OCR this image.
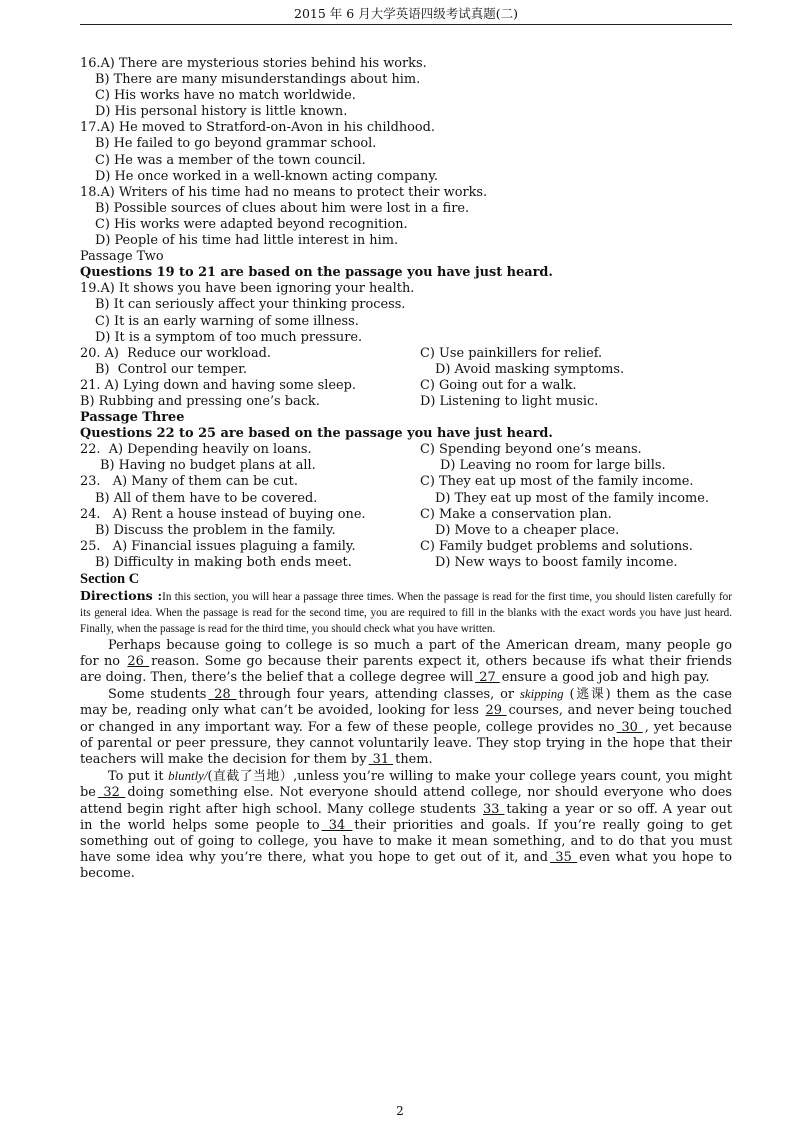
2015 年 6 月大学英语四级考试真题(二)
16.A) There are mysterious stories behind his works.
B) There are many misunderstandings about him.
C) His works have no match worldwide.
D) His personal history is little known.
17.A) He moved to Stratford-on-Avon in his childhood.
B) He failed to go beyond grammar school.
C) He was a member of the town council.
D) He once worked in a well-known acting company.
18.A) Writers of his time had no means to protect their works.
B) Possible sources of clues about him were lost in a fire.
C) His works were adapted beyond recognition.
D) People of his time had little interest in him.
Passage Two
Questions 19 to 21 are based on the passage you have just heard.
19.A) It shows you have been ignoring your health.
B) It can seriously affect your thinking process.
C) It is an early warning of some illness.
D) It is a symptom of too much pressure.
20. A)  Reduce our workload.	C) Use painkillers for relief.
B)  Control our temper.	D) Avoid masking symptoms.
21. A) Lying down and having some sleep.	C) Going out for a walk.
B) Rubbing and pressing one’s back.	D) Listening to light music.
Passage Three
Questions 22 to 25 are based on the passage you have just heard.
22.  A) Depending heavily on loans.	C) Spending beyond one’s means.
B) Having no budget plans at all.	D) Leaving no room for large bills.
23.   A) Many of them can be cut.	C) They eat up most of the family income.
B) All of them have to be covered.	D) They eat up most of the family income.
24.   A) Rent a house instead of buying one.	C) Make a conservation plan.
B) Discuss the problem in the family.	D) Move to a cheaper place.
25.   A) Financial issues plaguing a family.	C) Family budget problems and solutions.
B) Difficulty in making both ends meet.	D) New ways to boost family income.
Section C
Directions :In this section, you will hear a passage three times. When the passage is read for the first time, you should listen carefully for its general idea. When the passage is read for the second time, you are required to fill in the blanks with the exact words you have just heard. Finally, when the passage is read for the third time, you should check what you have written.
Perhaps because going to college is so much a part of the American dream, many people go for no 26 reason. Some go because their parents expect it, others because ifs what their friends are doing. Then, there’s the belief that a college degree will 27 ensure a good job and high pay.
Some students 28 through four years, attending classes, or skipping (逃课) them as the case may be, reading only what can’t be avoided, looking for less 29 courses, and never being touched or changed in any important way. For a few of these people, college provides no 30 , yet because of parental or peer pressure, they cannot voluntarily leave. They stop trying in the hope that their teachers will make the decision for them by 31 them.
To put it bluntly/(直截了当地）,unless you’re willing to make your college years count, you might be 32 doing something else. Not everyone should attend college, nor should everyone who does attend begin right after high school. Many college students 33 taking a year or so off. A year out in the world helps some people to 34 their priorities and goals. If you’re really going to get something out of going to college, you have to make it mean something, and to do that you must have some idea why you’re there, what you hope to get out of it, and 35 even what you hope to become.
2
